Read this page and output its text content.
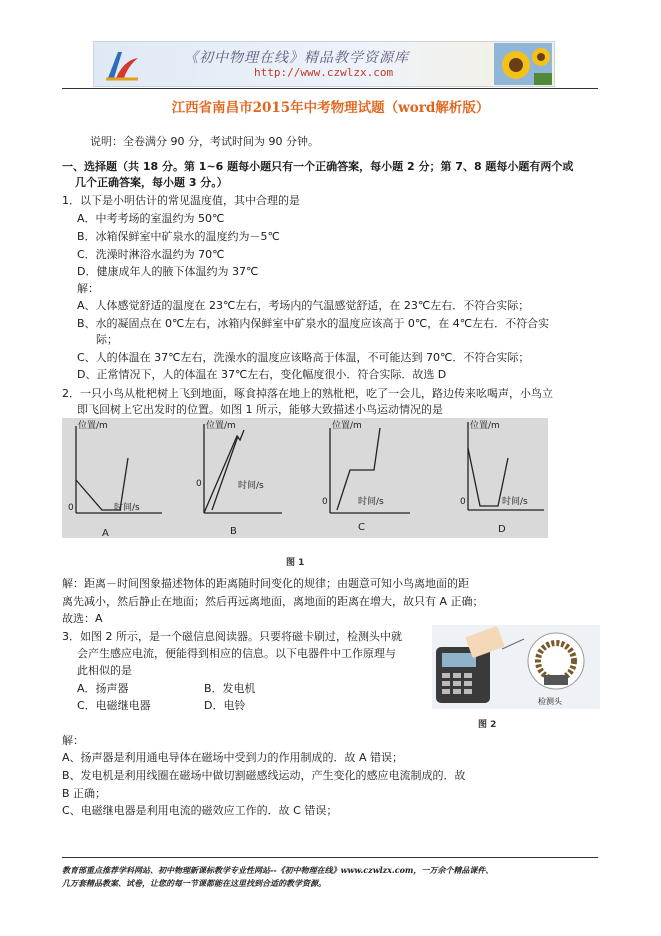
《初中物理在线》精品教学资源库
http://www.czwlzx.com
江西省南昌市2015年中考物理试题（word解析版）
说明：全卷满分 90 分，考试时间为 90 分钟。
一、选择题（共 18 分。第 1~6 题每小题只有一个正确答案，每小题 2 分；第 7、8 题每小题有两个或
几个正确答案，每小题 3 分。）
1．以下是小明估计的常见温度值，其中合理的是
A．中考考场的室温约为 50℃
B．冰箱保鲜室中矿泉水的温度约为－5℃
C．洗澡时淋浴水温约为 70℃
D．健康成年人的腋下体温约为 37℃
解：
A、人体感觉舒适的温度在 23℃左右，考场内的气温感觉舒适，在 23℃左右．不符合实际；
B、水的凝固点在 0℃左右，冰箱内保鲜室中矿泉水的温度应该高于 0℃，在 4℃左右．不符合实
际；
C、人的体温在 37℃左右，洗澡水的温度应该略高于体温，不可能达到 70℃．不符合实际；
D、正常情况下，人的体温在 37℃左右，变化幅度很小．符合实际．故选 D
2．一只小鸟从枇杷树上飞到地面，啄食掉落在地上的熟枇杷，吃了一会儿，路边传来吆喝声，小鸟立
即飞回树上它出发时的位置。如图 1 所示，能够大致描述小鸟运动情况的是
位置/m
时间/s
0
A
位置/m
时间/s
0
B
位置/m
时间/s
0
C
位置/m
时间/s
0
D
图 1
解：距离－时间图象描述物体的距离随时间变化的规律；由题意可知小鸟离地面的距
离先减小，然后静止在地面；然后再远离地面，离地面的距离在增大，故只有 A 正确；
故选：A
3．如图 2 所示，是一个磁信息阅读器。只要将磁卡刷过，检测头中就
会产生感应电流，便能得到相应的信息。以下电器件中工作原理与
此相似的是
A．扬声器	B．发电机
C．电磁继电器	D．电铃	检测头
图 2
解：
A、扬声器是利用通电导体在磁场中受到力的作用制成的．故 A 错误；
B、发电机是利用线圈在磁场中做切割磁感线运动，产生变化的感应电流制成的．故
B 正确；
C、电磁继电器是利用电流的磁效应工作的．故 C 错误；
教育部重点推荐学科网站、初中物理新课标教学专业性网站--《初中物理在线》www.czwlzx.com，一万余个精品课件、
几万套精品教案、试卷，让您的每一节课都能在这里找到合适的教学资源。
